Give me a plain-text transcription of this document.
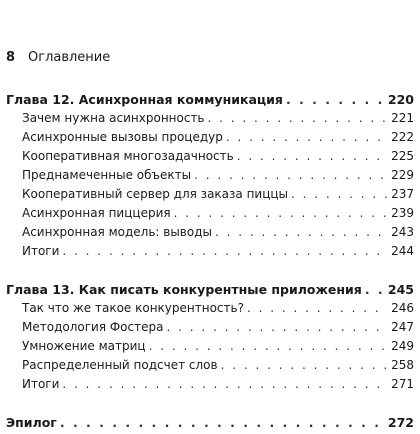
8 Оглавление
Глава 12. Асинхронная коммуникация . . .	220
Зачем нужна асинхронность . . .	221
Асинхронные вызовы процедур . . .	222
Кооперативная многозадачность . . .	225
Преднамеченные объекты . . .	229
Кооперативный сервер для заказа пиццы . . .	237
Асинхронная пиццерия . . .	239
Асинхронная модель: выводы . . .	243
Итоги . . .	244
Глава 13. Как писать конкурентные приложения . . . 245
Так что же такое конкурентность? . . .	246
Методология Фостера . . .	247
Умножение матриц . . .	249
Распределенный подсчет слов . . .	258
Итоги . . .	271
Эпилог . . .	272
